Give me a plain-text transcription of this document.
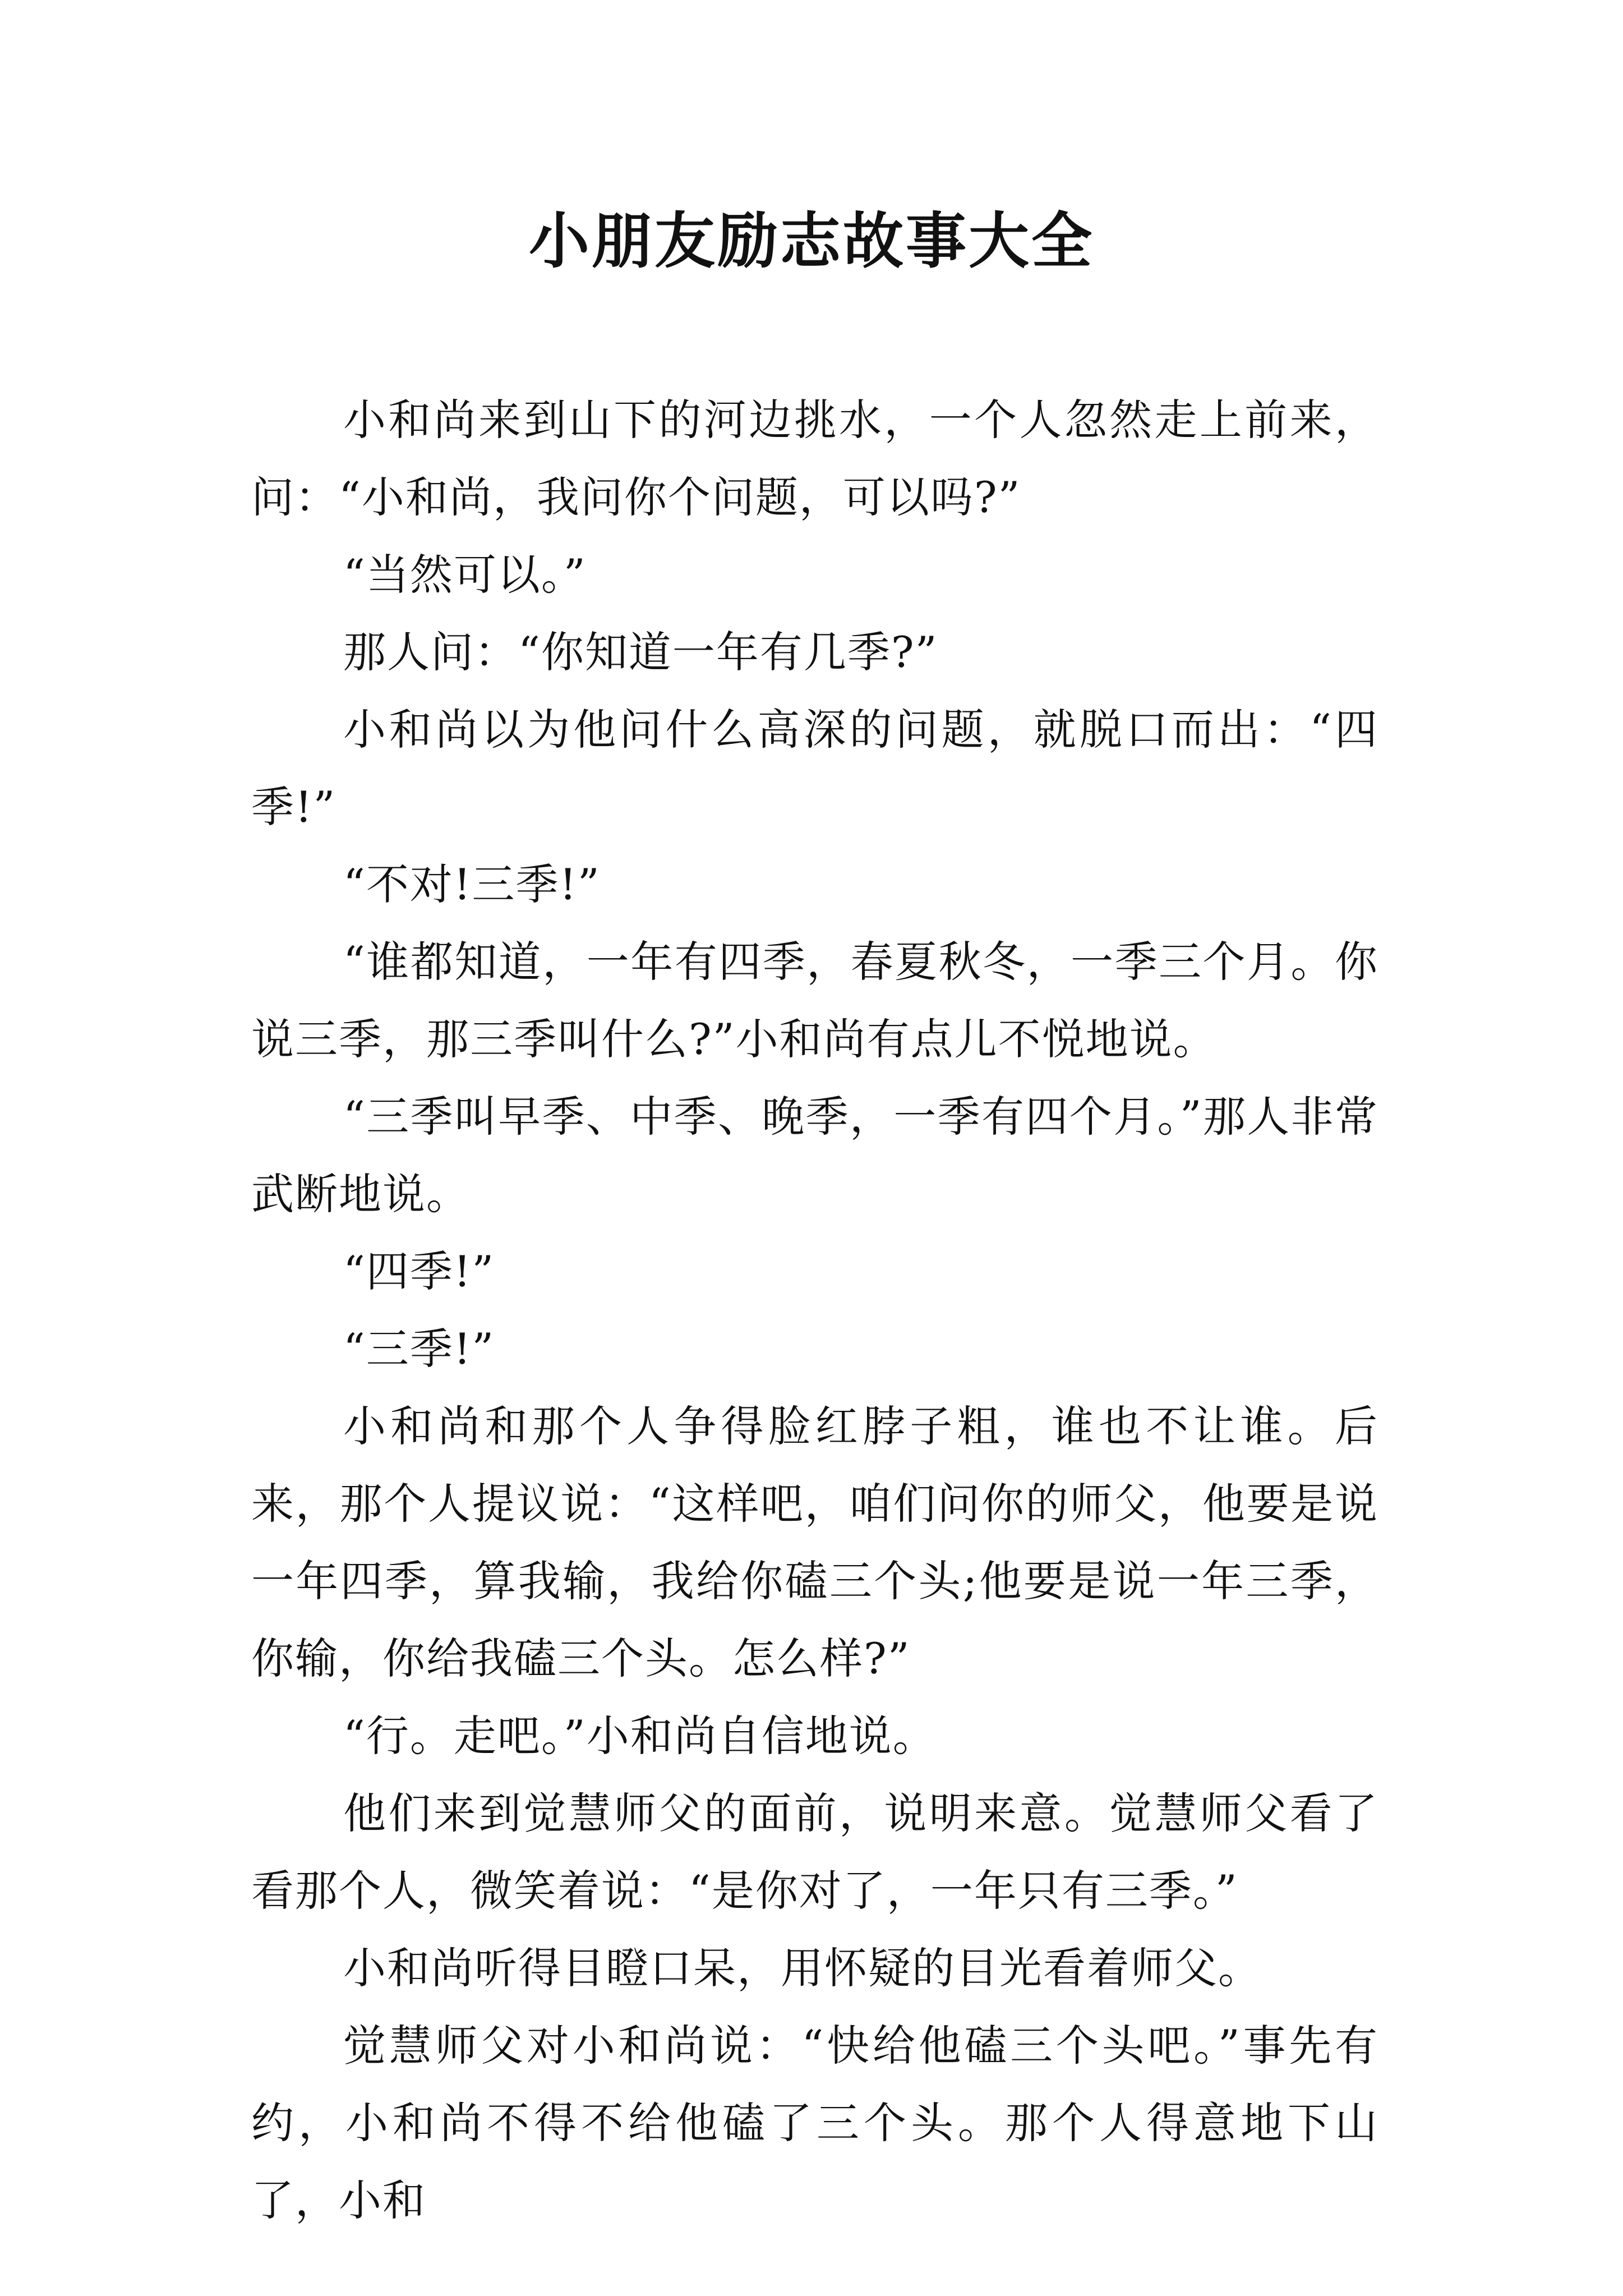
小朋友励志故事大全

小和尚来到山下的河边挑水，一个人忽然走上前来，问：“小和尚，我问你个问题，可以吗?”

“当然可以。”

那人问：“你知道一年有几季?”

小和尚以为他问什么高深的问题，就脱口而出：“四季!”

“不对!三季!”

“谁都知道，一年有四季，春夏秋冬，一季三个月。你说三季，那三季叫什么?”小和尚有点儿不悦地说。

“三季叫早季、中季、晚季，一季有四个月。”那人非常武断地说。

“四季!”

“三季!”

小和尚和那个人争得脸红脖子粗，谁也不让谁。后来，那个人提议说：“这样吧，咱们问你的师父，他要是说一年四季，算我输，我给你磕三个头;他要是说一年三季，你输，你给我磕三个头。怎么样?”

“行。走吧。”小和尚自信地说。

他们来到觉慧师父的面前，说明来意。觉慧师父看了看那个人，微笑着说：“是你对了，一年只有三季。”

小和尚听得目瞪口呆，用怀疑的目光看着师父。

觉慧师父对小和尚说：“快给他磕三个头吧。”事先有约，小和尚不得不给他磕了三个头。那个人得意地下山了，小和
